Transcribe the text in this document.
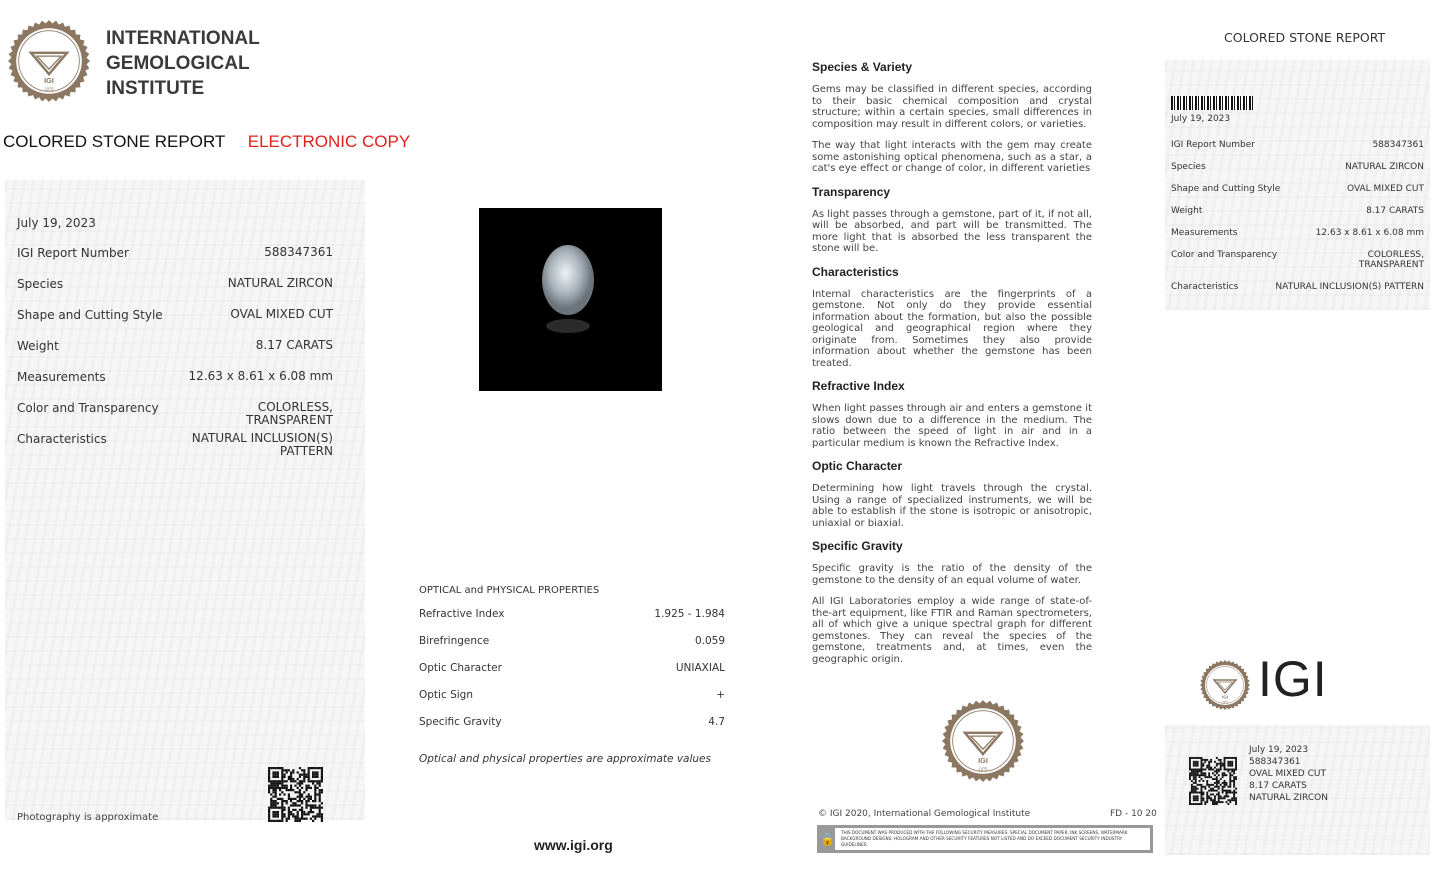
IGI
1975
INTERNATIONAL
GEMOLOGICAL
INSTITUTE
COLORED STONE REPORT ELECTRONIC COPY
July 19, 2023
IGI Report Number	588347361
Species	NATURAL ZIRCON
Shape and Cutting Style	OVAL MIXED CUT
Weight	8.17 CARATS
Measurements	12.63 x 8.61 x 6.08 mm
Color and Transparency	COLORLESS,
TRANSPARENT
Characteristics	NATURAL INCLUSION(S)
PATTERN
Photography is approximate
OPTICAL and PHYSICAL PROPERTIES
Refractive Index	1.925 - 1.984
Birefringence	0.059
Optic Character	UNIAXIAL
Optic Sign	+
Specific Gravity	4.7
Optical and physical properties are approximate values
www.igi.org
Species & Variety
Gems may be classified in different species, according to their basic chemical composition and crystal structure; within a certain species, small differences in composition may result in different colors, or varieties.
The way that light interacts with the gem may create some astonishing optical phenomena, such as a star, a cat's eye effect or change of color, in different varieties
Transparency
As light passes through a gemstone, part of it, if not all, will be absorbed, and part will be transmitted. The more light that is absorbed the less transparent the stone will be.
Characteristics
Internal characteristics are the fingerprints of a gemstone. Not only do they provide essential information about the formation, but also the possible geological and geographical region where they originate from. Sometimes they also provide information about whether the gemstone has been treated.
Refractive Index
When light passes through air and enters a gemstone it slows down due to a difference in the medium. The ratio between the speed of light in air and in a particular medium is known the Refractive Index.
Optic Character
Determining how light travels through the crystal. Using a range of specialized instruments, we will be able to establish if the stone is isotropic or anisotropic, uniaxial or biaxial.
Specific Gravity
Specific gravity is the ratio of the density of the gemstone to the density of an equal volume of water.
All IGI Laboratories employ a wide range of state-of-the-art equipment, like FTIR and Raman spectrometers, all of which give a unique spectral graph for different gemstones. They can reveal the species of the gemstone, treatments and, at times, even the geographic origin.
IGI
1975
© IGI 2020, International Gemological Institute	FD - 10 20
🔒	THIS DOCUMENT WAS PRODUCED WITH THE FOLLOWING SECURITY MEASURES: SPECIAL DOCUMENT PAPER, INK SCREENS, WATERMARK BACKGROUND DESIGNS, HOLOGRAM AND OTHER SECURITY FEATURES NOT LISTED AND DO EXCEED DOCUMENT SECURITY INDUSTRY GUIDELINES.
COLORED STONE REPORT
July 19, 2023
IGI Report Number	588347361
Species	NATURAL ZIRCON
Shape and Cutting Style	OVAL MIXED CUT
Weight	8.17 CARATS
Measurements	12.63 x 8.61 x 6.08 mm
Color and Transparency	COLORLESS,
TRANSPARENT
Characteristics	NATURAL INCLUSION(S) PATTERN
IGI
1975 IGI
July 19, 2023
588347361
OVAL MIXED CUT
8.17 CARATS
NATURAL ZIRCON
